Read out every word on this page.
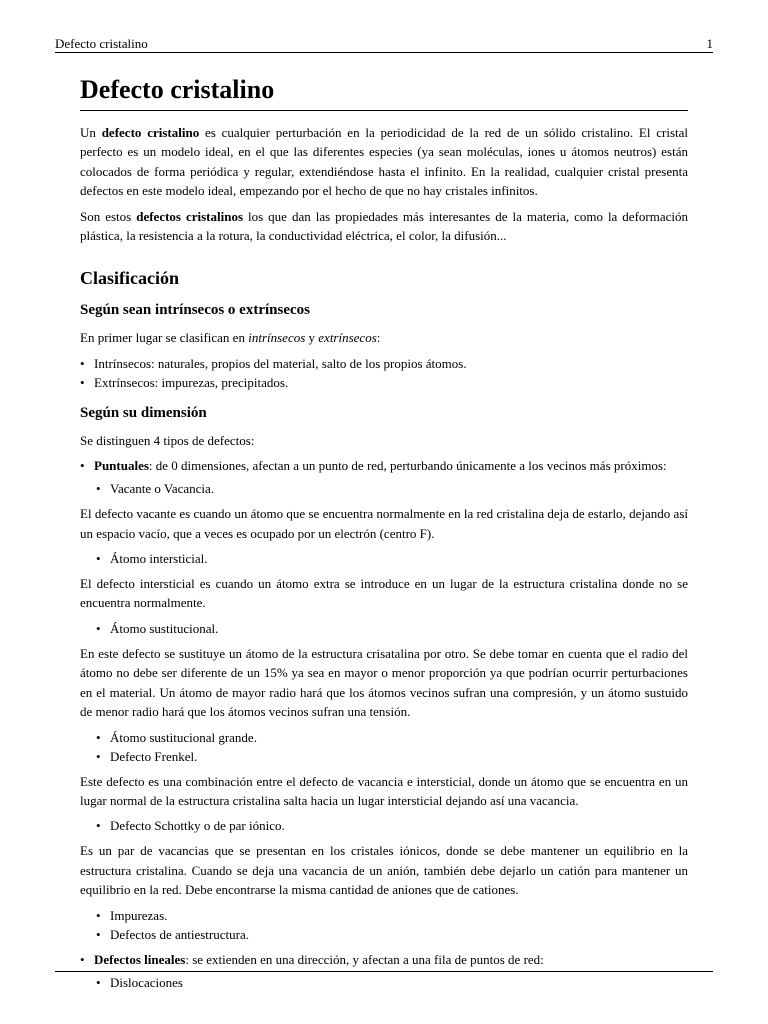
Defecto cristalino	1
Defecto cristalino

Un defecto cristalino es cualquier perturbación en la periodicidad de la red de un sólido cristalino. El cristal perfecto es un modelo ideal, en el que las diferentes especies (ya sean moléculas, iones u átomos neutros) están colocados de forma periódica y regular, extendiéndose hasta el infinito. En la realidad, cualquier cristal presenta defectos en este modelo ideal, empezando por el hecho de que no hay cristales infinitos.

Son estos defectos cristalinos los que dan las propiedades más interesantes de la materia, como la deformación plástica, la resistencia a la rotura, la conductividad eléctrica, el color, la difusión...

Clasificación
Según sean intrínsecos o extrínsecos

En primer lugar se clasifican en intrínsecos y extrínsecos:

• Intrínsecos: naturales, propios del material, salto de los propios átomos.
• Extrínsecos: impurezas, precipitados.
Según su dimensión

Se distinguen 4 tipos de defectos:

• Puntuales: de 0 dimensiones, afectan a un punto de red, perturbando únicamente a los vecinos más próximos:
• Vacante o Vacancia.

El defecto vacante es cuando un átomo que se encuentra normalmente en la red cristalina deja de estarlo, dejando así un espacio vacío, que a veces es ocupado por un electrón (centro F).

• Átomo intersticial.

El defecto intersticial es cuando un átomo extra se introduce en un lugar de la estructura cristalina donde no se encuentra normalmente.

• Átomo sustitucional.

En este defecto se sustituye un átomo de la estructura crisatalina por otro. Se debe tomar en cuenta que el radio del átomo no debe ser diferente de un 15% ya sea en mayor o menor proporción ya que podrían ocurrir perturbaciones en el material. Un átomo de mayor radio hará que los átomos vecinos sufran una compresión, y un átomo sustuido de menor radio hará que los átomos vecinos sufran una tensión.

• Átomo sustitucional grande.
• Defecto Frenkel.

Este defecto es una combinación entre el defecto de vacancia e intersticial, donde un átomo que se encuentra en un lugar normal de la estructura cristalina salta hacia un lugar intersticial dejando así una vacancia.

• Defecto Schottky o de par iónico.

Es un par de vacancias que se presentan en los cristales iónicos, donde se debe mantener un equilibrio en la estructura cristalina. Cuando se deja una vacancia de un anión, también debe dejarlo un catión para mantener un equilibrio en la red. Debe encontrarse la misma cantidad de aniones que de cationes.

• Impurezas.
• Defectos de antiestructura.
• Defectos lineales: se extienden en una dirección, y afectan a una fila de puntos de red:
• Dislocaciones
